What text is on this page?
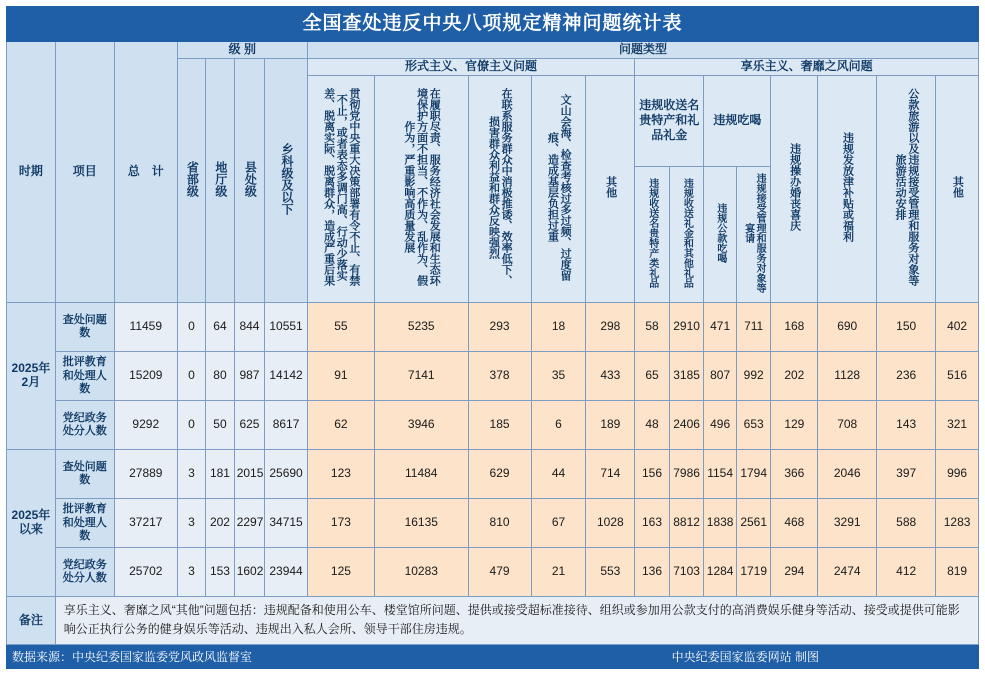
全国查处违反中央八项规定精神问题统计表																			
时期	项目	总　计	级 别				问题类型												
			省部级	地厅级	县处级	乡科级及以下	形式主义、官僚主义问题					享乐主义、奢靡之风问题							
							贯彻党中央重大决策部署有令不止、有禁不止，或者表态多调门高、行动少落实差、脱离实际、脱离群众，造成严重后果	在履职尽责、服务经济社会发展和生态环境保护方面不担当、不作为、乱作为、假作为，严重影响高质量发展	在联系服务群众中消极推诿、效率低下、损害群众利益和群众反映强烈	文山会海、检查考核过多过频、过度留痕、造成基层负担过重	其他	违规收送名贵特产和礼品礼金		违规吃喝		违规操办婚丧喜庆	违规发放津补贴或福利	公款旅游以及违规接受管理和服务对象等旅游活动安排	其他
												违规收送名贵特产类礼品	违规收送礼金和其他礼品	违规公款吃喝	违规接受管理和服务对象等宴请				
2025年2月	查处问题数	11459	0	64	844	10551	55	5235	293	18	298	58	2910	471	711	168	690	150	402
	批评教育和处理人数	15209	0	80	987	14142	91	7141	378	35	433	65	3185	807	992	202	1128	236	516
	党纪政务处分人数	9292	0	50	625	8617	62	3946	185	6	189	48	2406	496	653	129	708	143	321
2025年以来	查处问题数	27889	3	181	2015	25690	123	11484	629	44	714	156	7986	1154	1794	366	2046	397	996
	批评教育和处理人数	37217	3	202	2297	34715	173	16135	810	67	1028	163	8812	1838	2561	468	3291	588	1283
	党纪政务处分人数	25702	3	153	1602	23944	125	10283	479	21	553	136	7103	1284	1719	294	2474	412	819
备注	享乐主义、奢靡之风“其他”问题包括：违规配备和使用公车、楼堂馆所问题、提供或接受超标准接待、组织或参加用公款支付的高消费娱乐健身等活动、接受或提供可能影响公正执行公务的健身娱乐等活动、违规出入私人会所、领导干部住房违规。																		
数据来源：中央纪委国家监委党风政风监督室	中央纪委国家监委网站 制图
